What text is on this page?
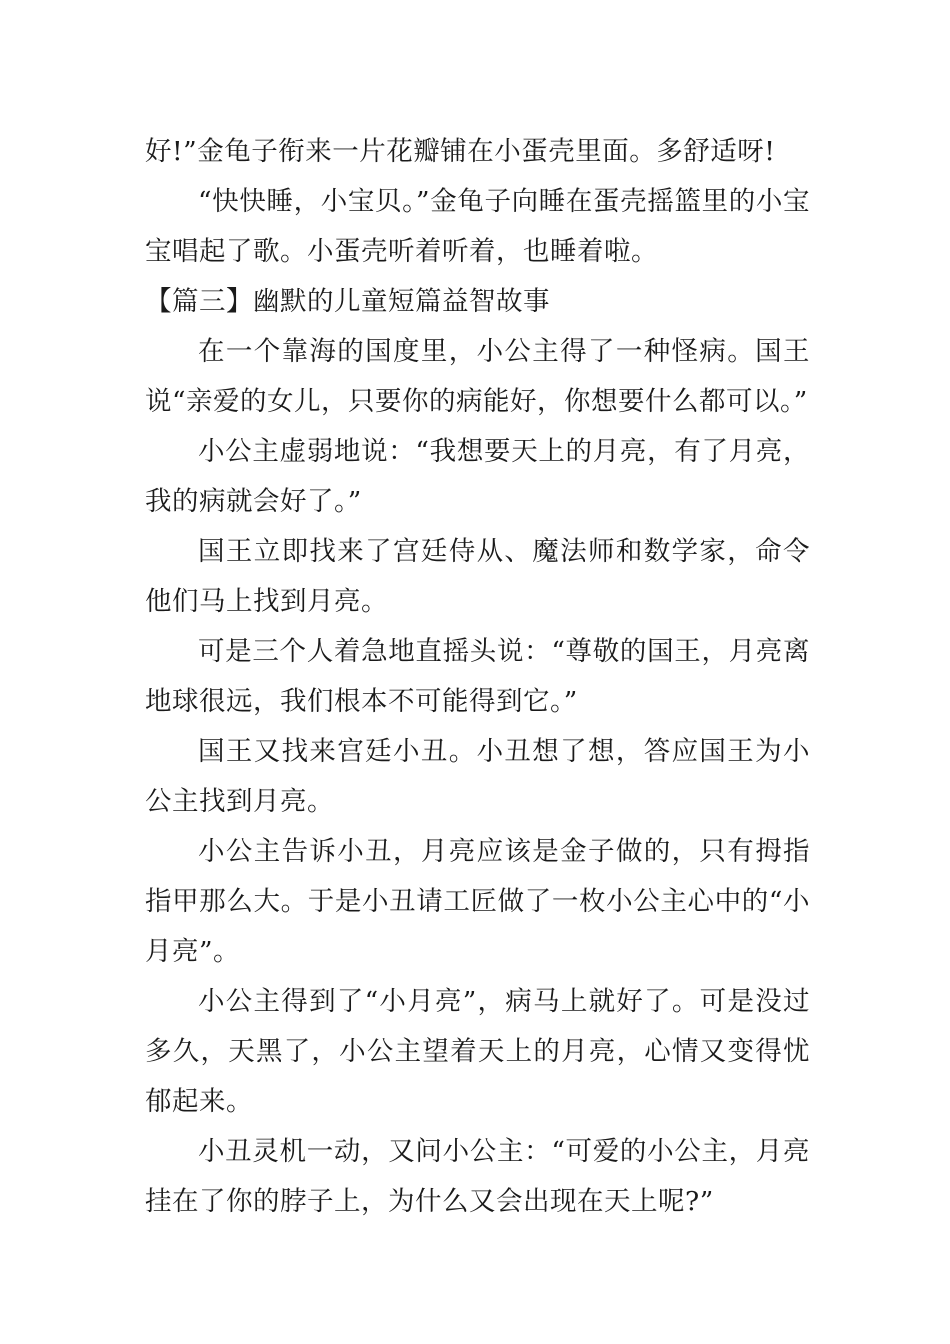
好!”金龟子衔来一片花瓣铺在小蛋壳里面。多舒适呀!

“快快睡，小宝贝。”金龟子向睡在蛋壳摇篮里的小宝宝唱起了歌。小蛋壳听着听着，也睡着啦。

【篇三】幽默的儿童短篇益智故事

在一个靠海的国度里，小公主得了一种怪病。国王说“亲爱的女儿，只要你的病能好，你想要什么都可以。”

小公主虚弱地说：“我想要天上的月亮，有了月亮，我的病就会好了。”

国王立即找来了宫廷侍从、魔法师和数学家，命令他们马上找到月亮。

可是三个人着急地直摇头说：“尊敬的国王，月亮离地球很远，我们根本不可能得到它。”

国王又找来宫廷小丑。小丑想了想，答应国王为小公主找到月亮。

小公主告诉小丑，月亮应该是金子做的，只有拇指指甲那么大。于是小丑请工匠做了一枚小公主心中的“小月亮”。

小公主得到了“小月亮”，病马上就好了。可是没过多久，天黑了，小公主望着天上的月亮，心情又变得忧郁起来。

小丑灵机一动，又问小公主：“可爱的小公主，月亮挂在了你的脖子上，为什么又会出现在天上呢?”
